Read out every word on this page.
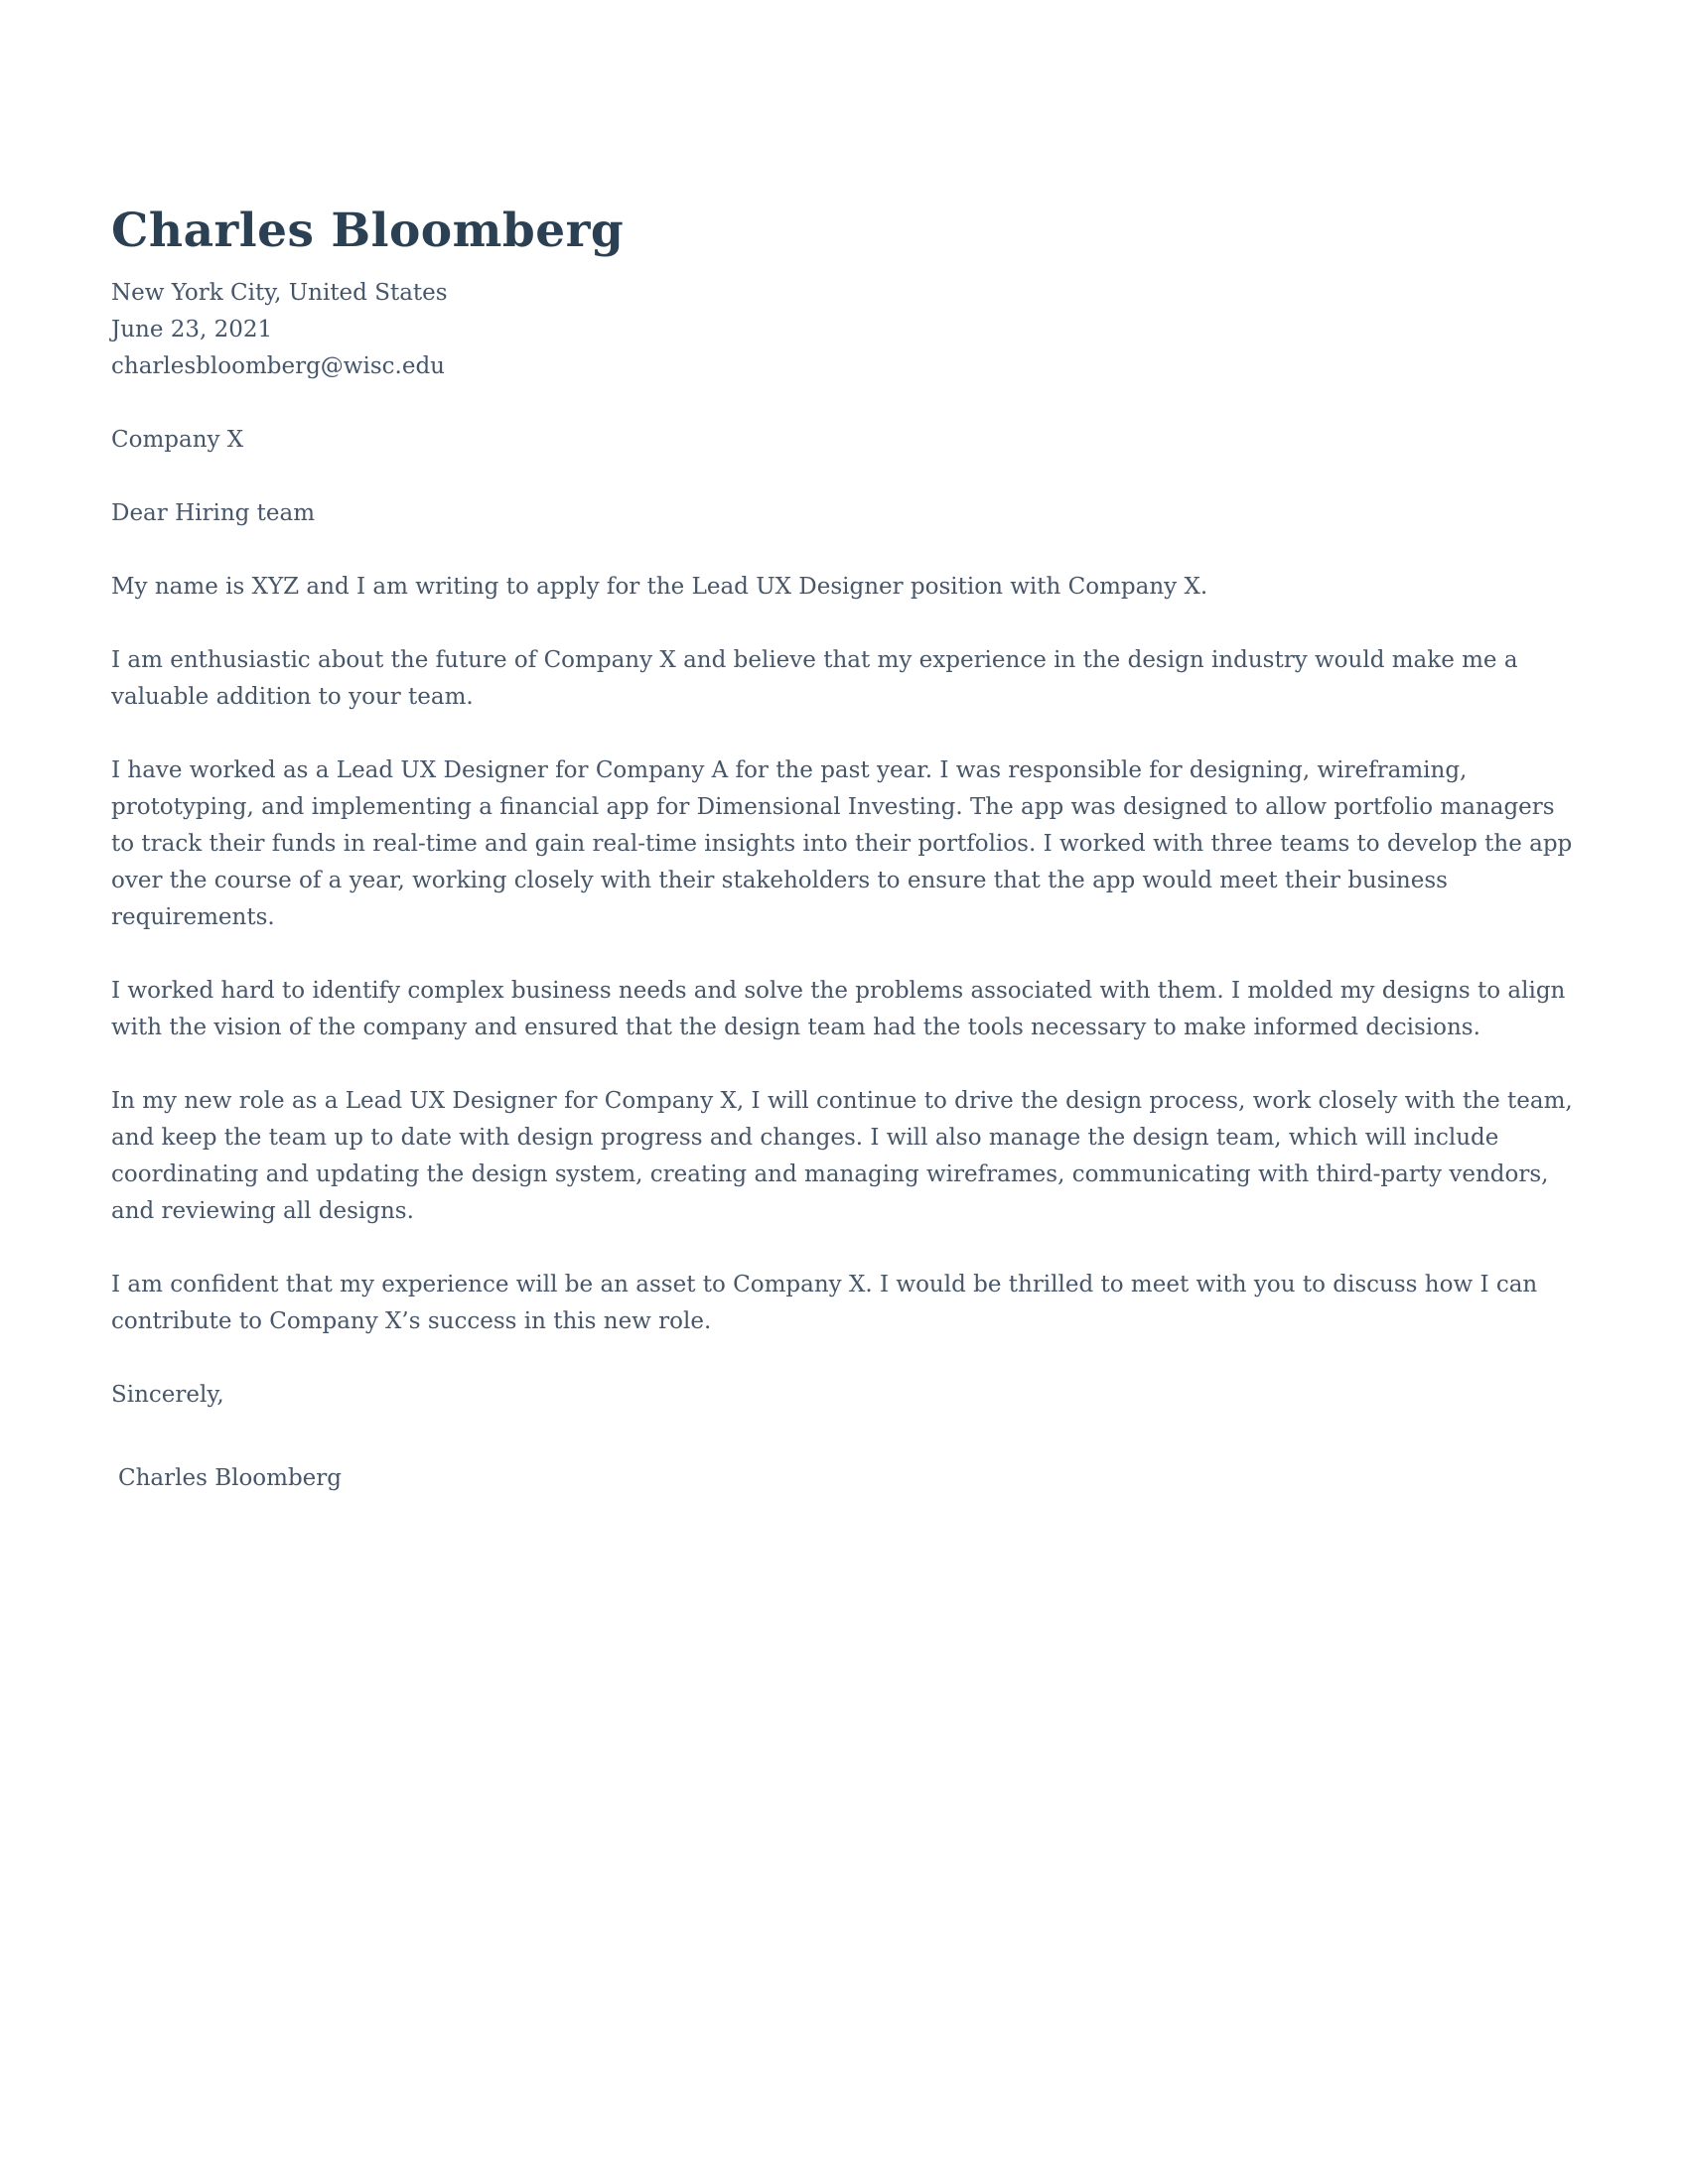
Charles Bloomberg
New York City, United States
June 23, 2021
charlesbloomberg@wisc.edu
Company X
Dear Hiring team

My name is XYZ and I am writing to apply for the Lead UX Designer position with Company X.

I am enthusiastic about the future of Company X and believe that my experience in the design industry would make me a valuable addition to your team.

I have worked as a Lead UX Designer for Company A for the past year. I was responsible for designing, wireframing, prototyping, and implementing a financial app for Dimensional Investing. The app was designed to allow portfolio managers to track their funds in real-time and gain real-time insights into their portfolios. I worked with three teams to develop the app over the course of a year, working closely with their stakeholders to ensure that the app would meet their business requirements.

I worked hard to identify complex business needs and solve the problems associated with them. I molded my designs to align with the vision of the company and ensured that the design team had the tools necessary to make informed decisions.

In my new role as a Lead UX Designer for Company X, I will continue to drive the design process, work closely with the team, and keep the team up to date with design progress and changes. I will also manage the design team, which will include coordinating and updating the design system, creating and managing wireframes, communicating with third-party vendors, and reviewing all designs.

I am confident that my experience will be an asset to Company X. I would be thrilled to meet with you to discuss how I can contribute to Company X’s success in this new role.

Sincerely,
Charles Bloomberg
